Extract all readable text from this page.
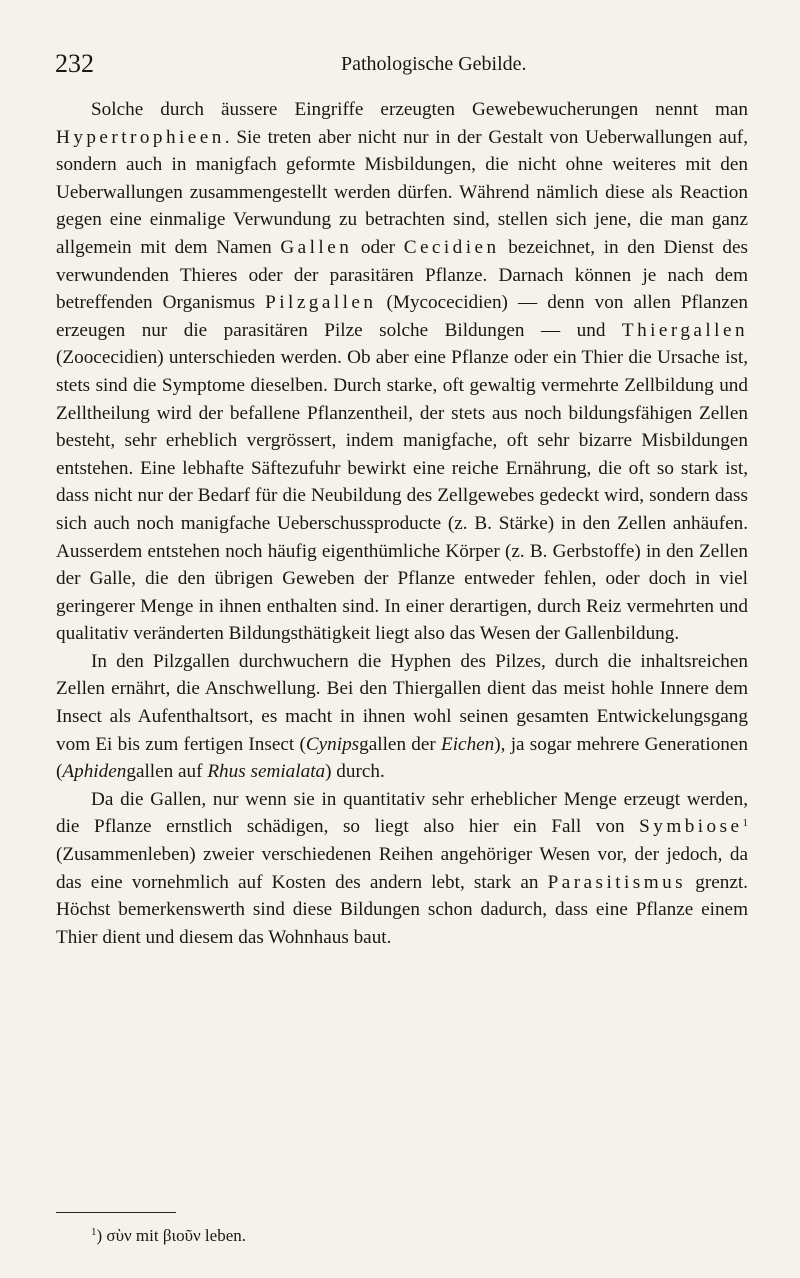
232	Pathologische Gebilde.

Solche durch äussere Eingriffe erzeugten Gewebewucherungen nennt man Hypertrophieen. Sie treten aber nicht nur in der Gestalt von Ueberwallungen auf, sondern auch in manigfach geformte Misbildungen, die nicht ohne weiteres mit den Ueberwallungen zusammengestellt werden dürfen. Während nämlich diese als Reaction gegen eine einmalige Verwundung zu betrachten sind, stellen sich jene, die man ganz allgemein mit dem Namen Gallen oder Cecidien bezeichnet, in den Dienst des verwundenden Thieres oder der parasitären Pflanze. Darnach können je nach dem betreffenden Organismus Pilzgallen (Mycocecidien) — denn von allen Pflanzen erzeugen nur die parasitären Pilze solche Bildungen — und Thiergallen (Zoocecidien) unterschieden werden. Ob aber eine Pflanze oder ein Thier die Ursache ist, stets sind die Symptome dieselben. Durch starke, oft gewaltig vermehrte Zellbildung und Zelltheilung wird der befallene Pflanzentheil, der stets aus noch bildungsfähigen Zellen besteht, sehr erheblich vergrössert, indem manigfache, oft sehr bizarre Misbildungen entstehen. Eine lebhafte Säftezufuhr bewirkt eine reiche Ernährung, die oft so stark ist, dass nicht nur der Bedarf für die Neubildung des Zellgewebes gedeckt wird, sondern dass sich auch noch manigfache Ueberschussproducte (z. B. Stärke) in den Zellen anhäufen. Ausserdem entstehen noch häufig eigenthümliche Körper (z. B. Gerbstoffe) in den Zellen der Galle, die den übrigen Geweben der Pflanze entweder fehlen, oder doch in viel geringerer Menge in ihnen enthalten sind. In einer derartigen, durch Reiz vermehrten und qualitativ veränderten Bildungsthätigkeit liegt also das Wesen der Gallenbildung.

In den Pilzgallen durchwuchern die Hyphen des Pilzes, durch die inhaltsreichen Zellen ernährt, die Anschwellung. Bei den Thiergallen dient das meist hohle Innere dem Insect als Aufenthaltsort, es macht in ihnen wohl seinen gesamten Entwickelungsgang vom Ei bis zum fertigen Insect (Cynipsgallen der Eichen), ja sogar mehrere Generationen (Aphidengallen auf Rhus semialata) durch.

Da die Gallen, nur wenn sie in quantitativ sehr erheblicher Menge erzeugt werden, die Pflanze ernstlich schädigen, so liegt also hier ein Fall von Symbiose$^1$ (Zusammenleben) zweier verschiedenen Reihen angehöriger Wesen vor, der jedoch, da das eine vornehmlich auf Kosten des andern lebt, stark an Parasitismus grenzt. Höchst bemerkenswerth sind diese Bildungen schon dadurch, dass eine Pflanze einem Thier dient und diesem das Wohnhaus baut.

$^1$) σὺν mit βιοῦν leben.
